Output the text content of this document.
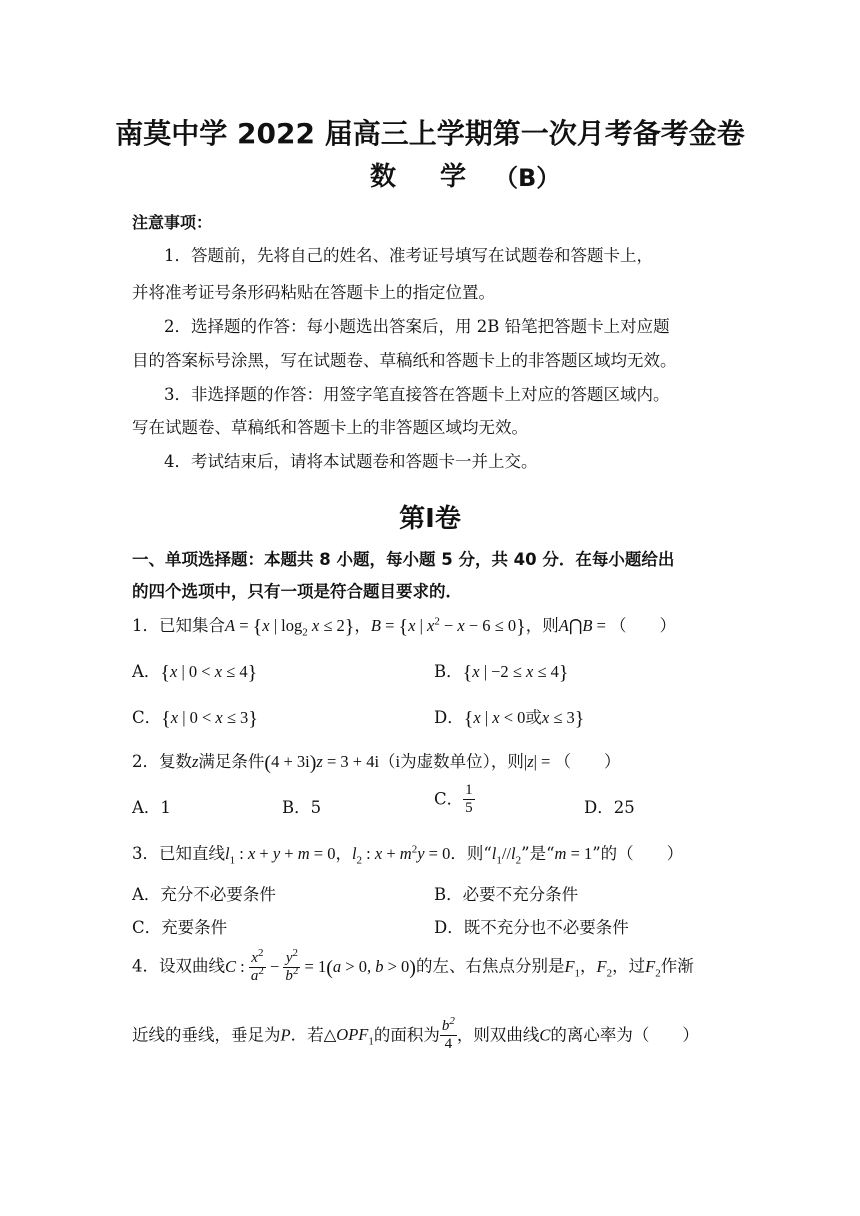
南莫中学 2022 届高三上学期第一次月考备考金卷
数 学 （B）
注意事项：
1．答题前，先将自己的姓名、准考证号填写在试题卷和答题卡上，
并将准考证号条形码粘贴在答题卡上的指定位置。
2．选择题的作答：每小题选出答案后，用 2B 铅笔把答题卡上对应题
目的答案标号涂黑，写在试题卷、草稿纸和答题卡上的非答题区域均无效。
3．非选择题的作答：用签字笔直接答在答题卡上对应的答题区域内。
写在试题卷、草稿纸和答题卡上的非答题区域均无效。
4．考试结束后，请将本试题卷和答题卡一并上交。
第Ⅰ卷
一、单项选择题：本题共 8 小题，每小题 5 分，共 40 分．在每小题给出
的四个选项中，只有一项是符合题目要求的．
1．已知集合A = {x | $\log_2 x \le 2$}，B = {x | $x^2 - x - 6 \le 0$}，则A⋂B = （　　）
A．{x | 0 < x ≤ 4}	B．{x | −2 ≤ x ≤ 4}
C．{x | 0 < x ≤ 3}	D．{x | x < 0或x ≤ 3}
2．复数z满足条件(4 + 3i)z = 3 + 4i（i为虚数单位），则|z| = （　　）
A．1	B．5	C． $\frac{1}{5}$	D．25
3．已知直线$l_1$ : x + y + m = 0，$l_2$ : $x + m^2y = 0$．则“$l_1//l_2$”是“m = 1”的（　　）
A．充分不必要条件	B．必要不充分条件
C．充要条件	D．既不充分也不必要条件
4．设双曲线C : $\frac{x^2}{a^2} - \frac{y^2}{b^2} = 1(a > 0$, b > 0)的左、右焦点分别是$F_1$，$F_2$，过$F_2$作渐
近线的垂线，垂足为P．若$\triangle OPF_1$的面积为 $\frac{b^2}{4}$ ，则双曲线C的离心率为（　　）
